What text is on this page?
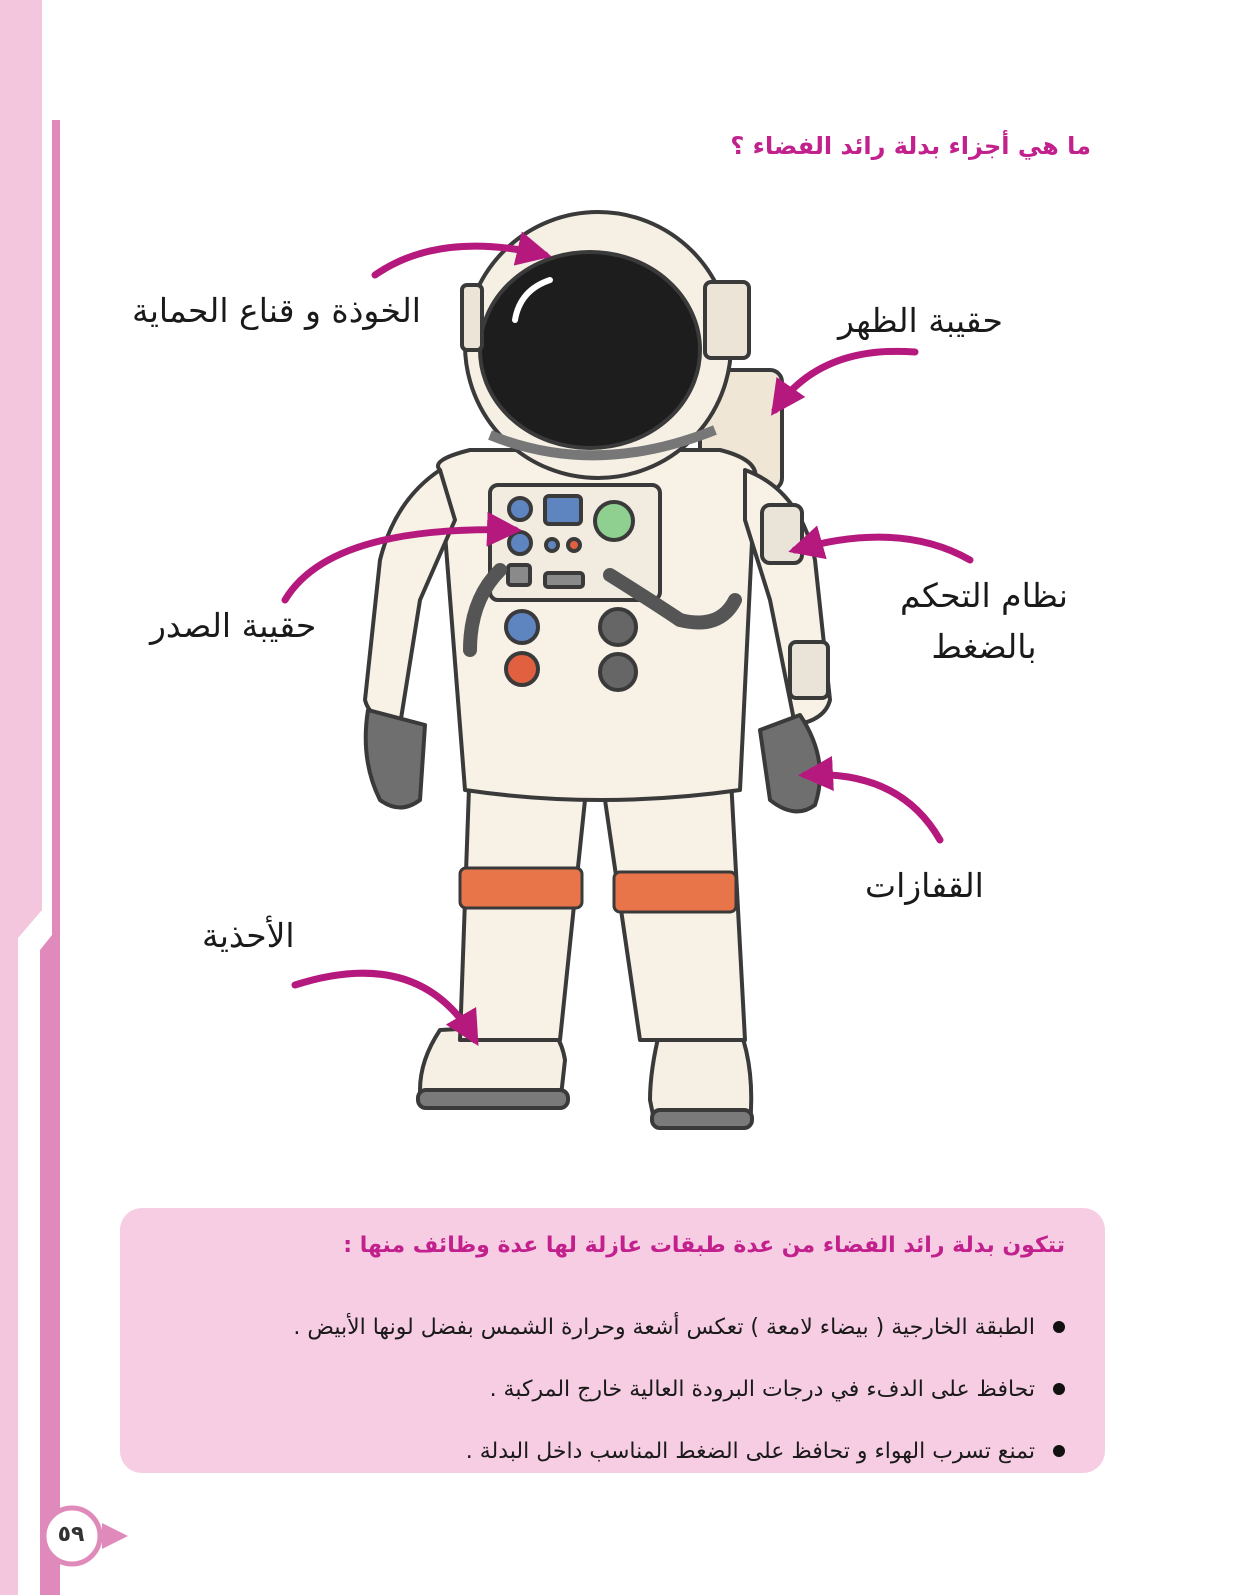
ما هي أجزاء بدلة رائد الفضاء ؟
الخوذة و قناع الحماية	حقيبة الظهر
حقيبة الصدر
نظام التحكم
بالضغط
القفازات
الأحذية
تتكون بدلة رائد الفضاء من عدة طبقات عازلة لها عدة وظائف منها :
الطبقة الخارجية ( بيضاء لامعة ) تعكس أشعة وحرارة الشمس بفضل لونها الأبيض .
تحافظ على الدفء في درجات البرودة العالية خارج المركبة .
تمنع تسرب الهواء و تحافظ على الضغط المناسب داخل البدلة .
٥٩
